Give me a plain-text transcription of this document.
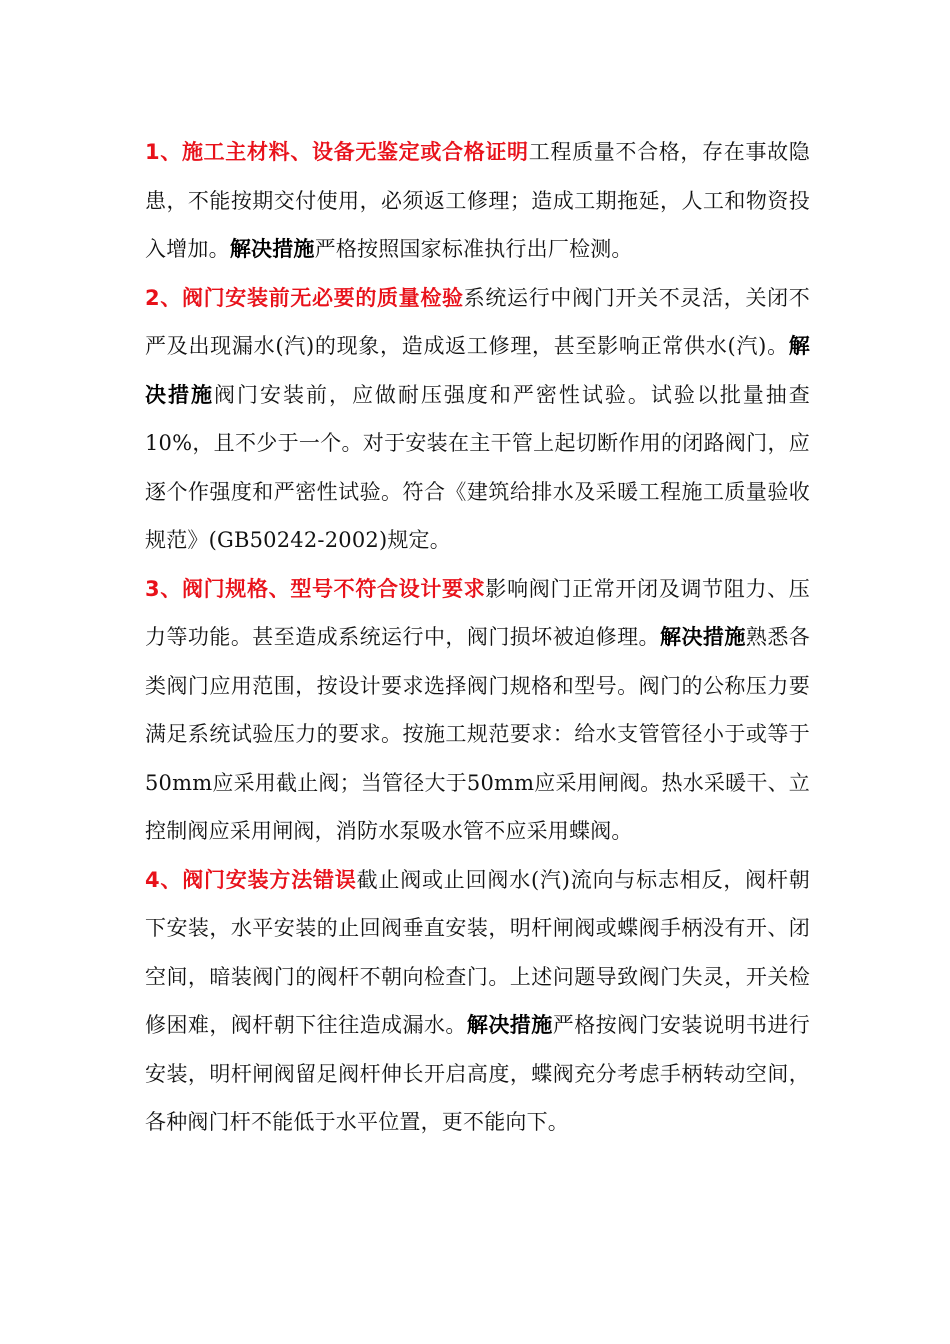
1、施工主材料、设备无鉴定或合格证明工程质量不合格，存在事故隐患，不能按期交付使用，必须返工修理；造成工期拖延，人工和物资投入增加。解决措施严格按照国家标准执行出厂检测。

2、阀门安装前无必要的质量检验系统运行中阀门开关不灵活，关闭不严及出现漏水(汽)的现象，造成返工修理，甚至影响正常供水(汽)。解决措施阀门安装前，应做耐压强度和严密性试验。试验以批量抽查10%，且不少于一个。对于安装在主干管上起切断作用的闭路阀门，应逐个作强度和严密性试验。符合《建筑给排水及采暖工程施工质量验收规范》(GB50242-2002)规定。

3、阀门规格、型号不符合设计要求影响阀门正常开闭及调节阻力、压力等功能。甚至造成系统运行中，阀门损坏被迫修理。解决措施熟悉各类阀门应用范围，按设计要求选择阀门规格和型号。阀门的公称压力要满足系统试验压力的要求。按施工规范要求：给水支管管径小于或等于50mm应采用截止阀；当管径大于50mm应采用闸阀。热水采暖干、立控制阀应采用闸阀，消防水泵吸水管不应采用蝶阀。

4、阀门安装方法错误截止阀或止回阀水(汽)流向与标志相反，阀杆朝下安装，水平安装的止回阀垂直安装，明杆闸阀或蝶阀手柄没有开、闭空间，暗装阀门的阀杆不朝向检查门。上述问题导致阀门失灵，开关检修困难，阀杆朝下往往造成漏水。解决措施严格按阀门安装说明书进行安装，明杆闸阀留足阀杆伸长开启高度，蝶阀充分考虑手柄转动空间，各种阀门杆不能低于水平位置，更不能向下。
